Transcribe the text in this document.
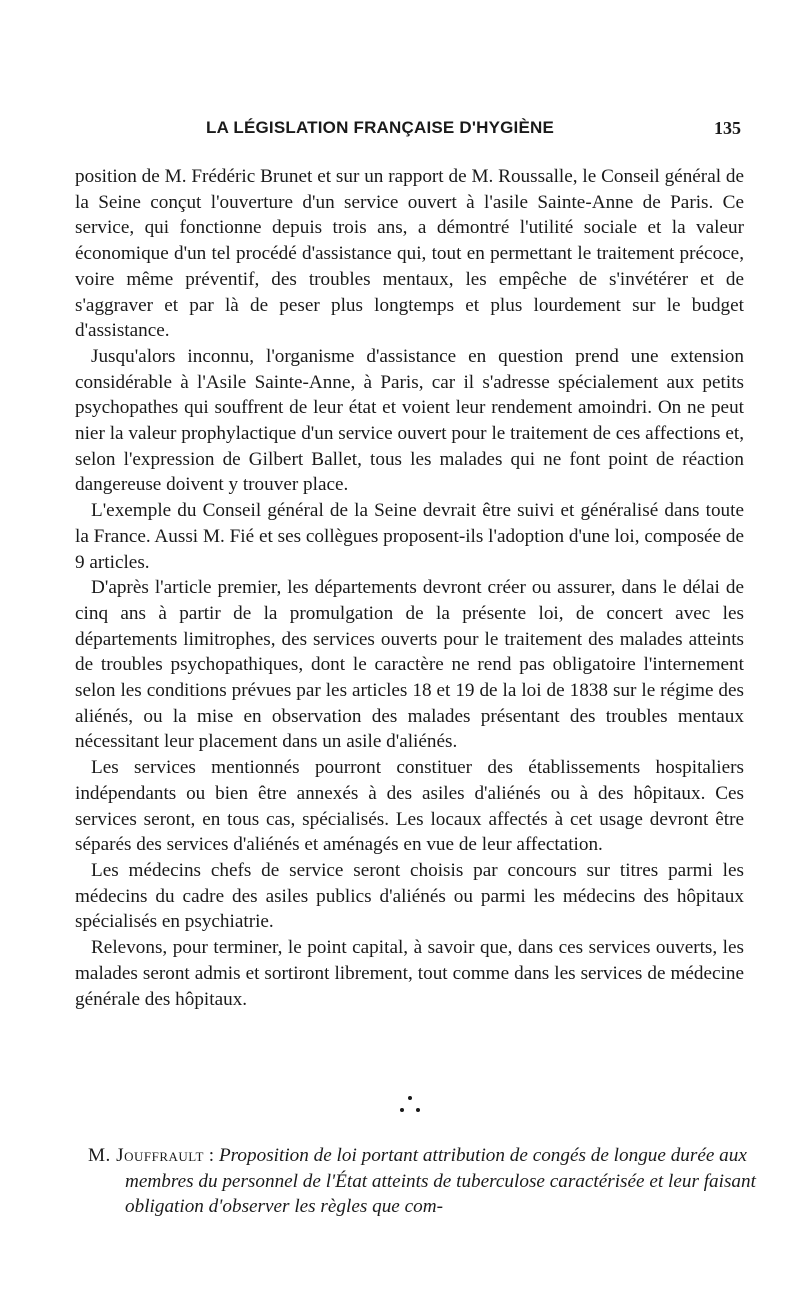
LA LÉGISLATION FRANÇAISE D'HYGIÈNE	135

position de M. Frédéric Brunet et sur un rapport de M. Roussalle, le Conseil général de la Seine conçut l'ouverture d'un service ouvert à l'asile Sainte-Anne de Paris. Ce service, qui fonctionne depuis trois ans, a démontré l'utilité sociale et la valeur économique d'un tel procédé d'assistance qui, tout en permettant le traitement précoce, voire même préventif, des troubles mentaux, les empêche de s'invétérer et de s'aggraver et par là de peser plus longtemps et plus lourdement sur le budget d'assistance.

Jusqu'alors inconnu, l'organisme d'assistance en question prend une extension considérable à l'Asile Sainte-Anne, à Paris, car il s'adresse spécialement aux petits psychopathes qui souffrent de leur état et voient leur rendement amoindri. On ne peut nier la valeur prophylactique d'un service ouvert pour le traitement de ces affections et, selon l'expression de Gilbert Ballet, tous les malades qui ne font point de réaction dangereuse doivent y trouver place.

L'exemple du Conseil général de la Seine devrait être suivi et généralisé dans toute la France. Aussi M. Fié et ses collègues proposent-ils l'adoption d'une loi, composée de 9 articles.

D'après l'article premier, les départements devront créer ou assurer, dans le délai de cinq ans à partir de la promulgation de la présente loi, de concert avec les départements limitrophes, des services ouverts pour le traitement des malades atteints de troubles psychopathiques, dont le caractère ne rend pas obligatoire l'internement selon les conditions prévues par les articles 18 et 19 de la loi de 1838 sur le régime des aliénés, ou la mise en observation des malades présentant des troubles mentaux nécessitant leur placement dans un asile d'aliénés.

Les services mentionnés pourront constituer des établissements hospitaliers indépendants ou bien être annexés à des asiles d'aliénés ou à des hôpitaux. Ces services seront, en tous cas, spécialisés. Les locaux affectés à cet usage devront être séparés des services d'aliénés et aménagés en vue de leur affectation.

Les médecins chefs de service seront choisis par concours sur titres parmi les médecins du cadre des asiles publics d'aliénés ou parmi les médecins des hôpitaux spécialisés en psychiatrie.

Relevons, pour terminer, le point capital, à savoir que, dans ces services ouverts, les malades seront admis et sortiront librement, tout comme dans les services de médecine générale des hôpitaux.

M. Jouffrault : Proposition de loi portant attribution de congés de longue durée aux membres du personnel de l'État atteints de tuberculose caractérisée et leur faisant obligation d'observer les règles que com-
